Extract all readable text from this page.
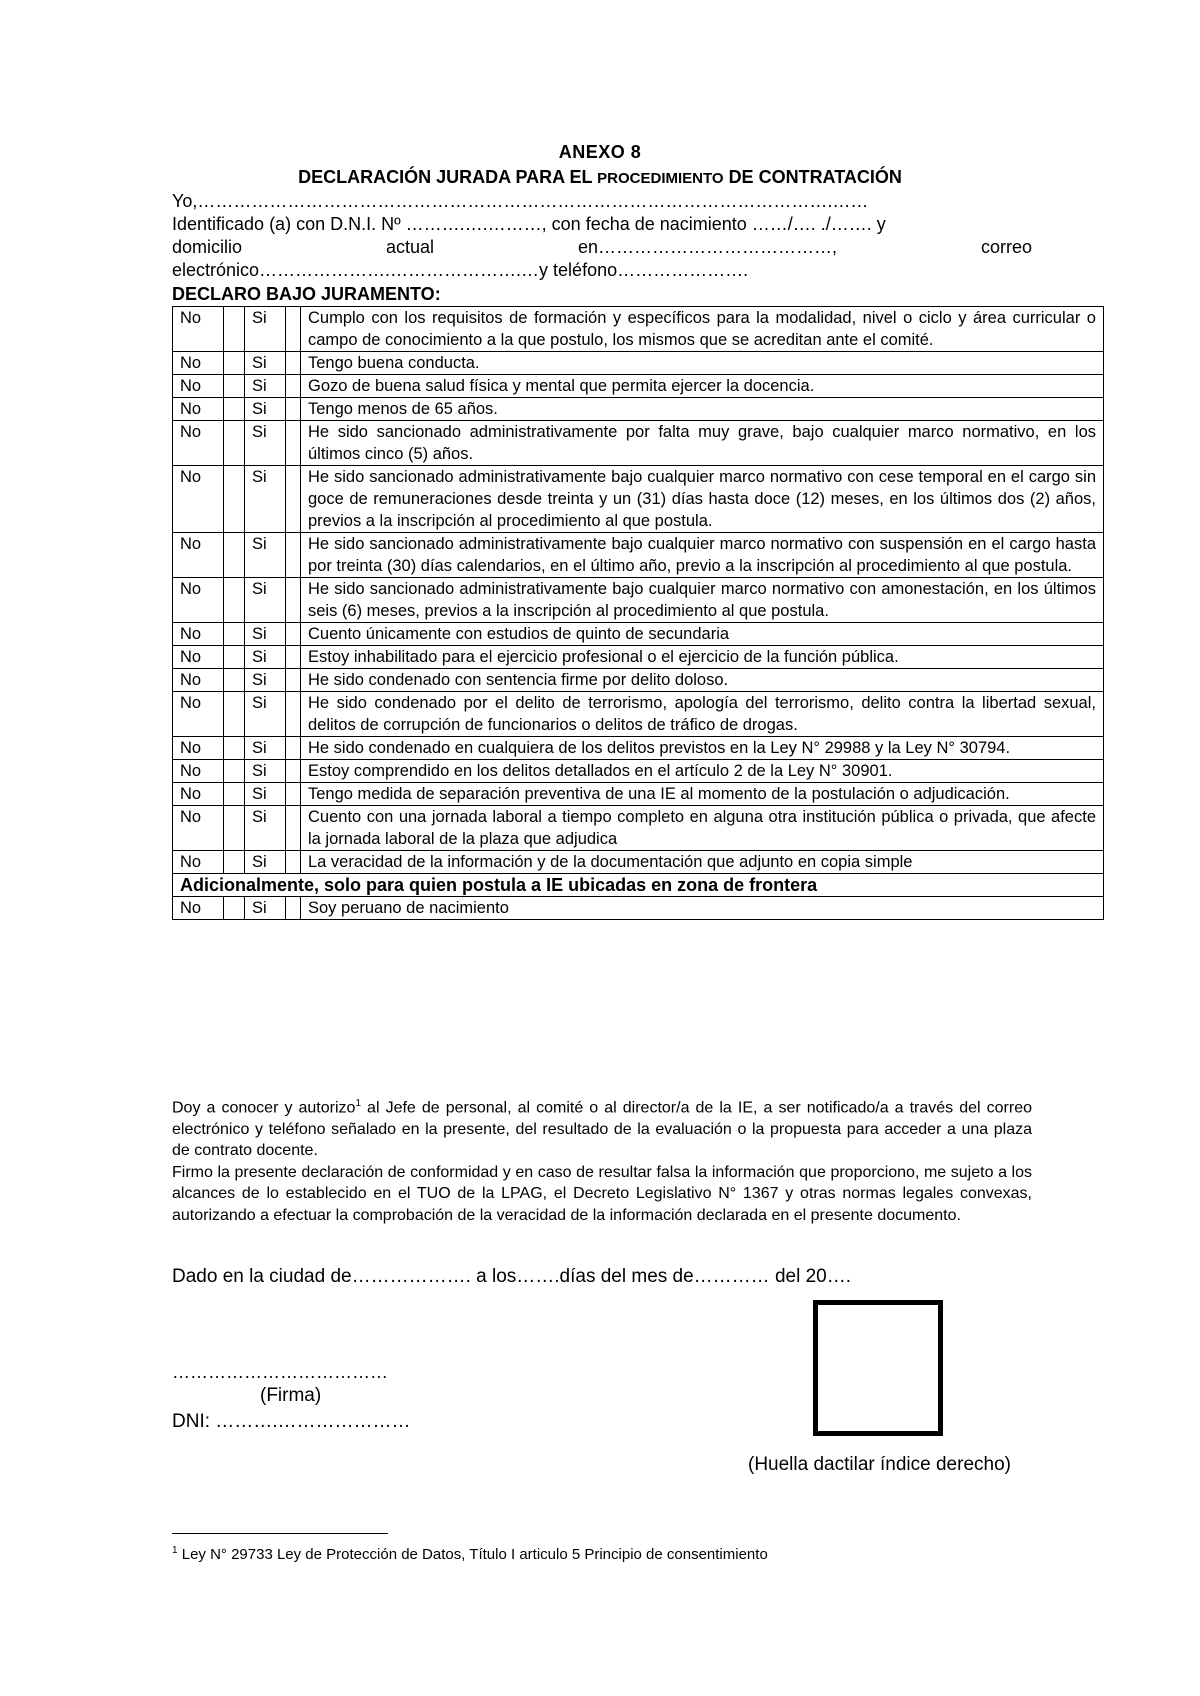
ANEXO 8
DECLARACIÓN JURADA PARA EL PROCEDIMIENTO DE CONTRATACIÓN
Yo,…………………………………………………………………………………………….……
Identificado (a) con D.N.I. Nº ……….….………, con fecha de nacimiento ……/…. ./……. y
domicilio	actual	en…………………………………,	correo
electrónico………………….………………….…y teléfono………………….
DECLARO BAJO JURAMENTO:
No		Si		Cumplo con los requisitos de formación y específicos para la modalidad, nivel o ciclo y área curricular o campo de conocimiento a la que postulo, los mismos que se acreditan ante el comité.
No		Si		Tengo buena conducta.
No		Si		Gozo de buena salud física y mental que permita ejercer la docencia.
No		Si		Tengo menos de 65 años.
No		Si		He sido sancionado administrativamente por falta muy grave, bajo cualquier marco normativo, en los últimos cinco (5) años.
No		Si		He sido sancionado administrativamente bajo cualquier marco normativo con cese temporal en el cargo sin goce de remuneraciones desde treinta y un (31) días hasta doce (12) meses, en los últimos dos (2) años, previos a la inscripción al procedimiento al que postula.
No		Si		He sido sancionado administrativamente bajo cualquier marco normativo con suspensión en el cargo hasta por treinta (30) días calendarios, en el último año, previo a la inscripción al procedimiento al que postula.
No		Si		He sido sancionado administrativamente bajo cualquier marco normativo con amonestación, en los últimos seis (6) meses, previos a la inscripción al procedimiento al que postula.
No		Si		Cuento únicamente con estudios de quinto de secundaria
No		Si		Estoy inhabilitado para el ejercicio profesional o el ejercicio de la función pública.
No		Si		He sido condenado con sentencia firme por delito doloso.
No		Si		He sido condenado por el delito de terrorismo, apología del terrorismo, delito contra la libertad sexual, delitos de corrupción de funcionarios o delitos de tráfico de drogas.
No		Si		He sido condenado en cualquiera de los delitos previstos en la Ley N° 29988 y la Ley N° 30794.
No		Si		Estoy comprendido en los delitos detallados en el artículo 2 de la Ley N° 30901.
No		Si		Tengo medida de separación preventiva de una IE al momento de la postulación o adjudicación.
No		Si		Cuento con una jornada laboral a tiempo completo en alguna otra institución pública o privada, que afecte la jornada laboral de la plaza que adjudica
No		Si		La veracidad de la información y de la documentación que adjunto en copia simple
Adicionalmente, solo para quien postula a IE ubicadas en zona de frontera				
No		Si		Soy peruano de nacimiento

Doy a conocer y autorizo$^1$ al Jefe de personal, al comité o al director/a de la IE, a ser notificado/a a través del correo electrónico y teléfono señalado en la presente, del resultado de la evaluación o la propuesta para acceder a una plaza de contrato docente.

Firmo la presente declaración de conformidad y en caso de resultar falsa la información que proporciono, me sujeto a los alcances de lo establecido en el TUO de la LPAG, el Decreto Legislativo N° 1367 y otras normas legales convexas, autorizando a efectuar la comprobación de la veracidad de la información declarada en el presente documento.

Dado en la ciudad de………………. a los…….días del mes de………… del 20….
………………………………
(Firma)
DNI: ……….…………………
(Huella dactilar índice derecho)
$^1$ Ley N° 29733 Ley de Protección de Datos, Título I articulo 5 Principio de consentimiento
